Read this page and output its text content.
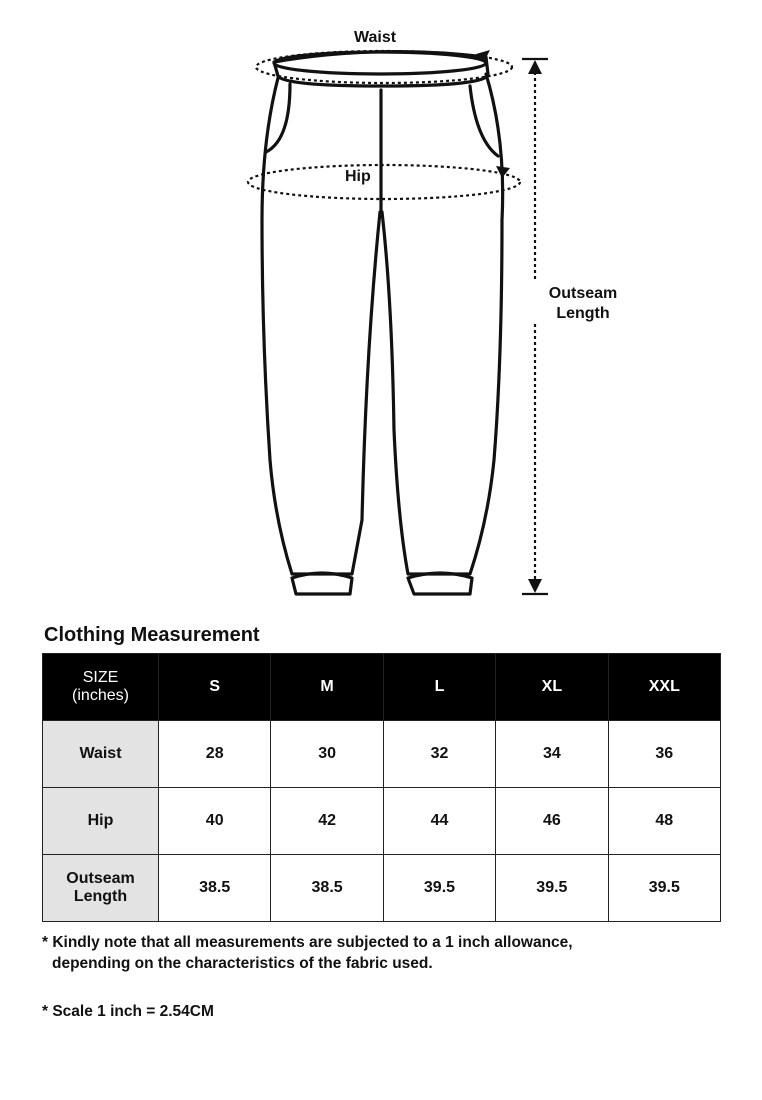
Waist
Hip
Outseam
Length
Clothing Measurement
SIZE
(inches)	S	M	L	XL	XXL
Waist	28	30	32	34	36
Hip	40	42	44	46	48

Outseam
Length	38.5	38.5	39.5	39.5	39.5
* Kindly note that all measurements are subjected to a 1 inch allowance,
depending on the characteristics of the fabric used.
* Scale 1 inch = 2.54CM
